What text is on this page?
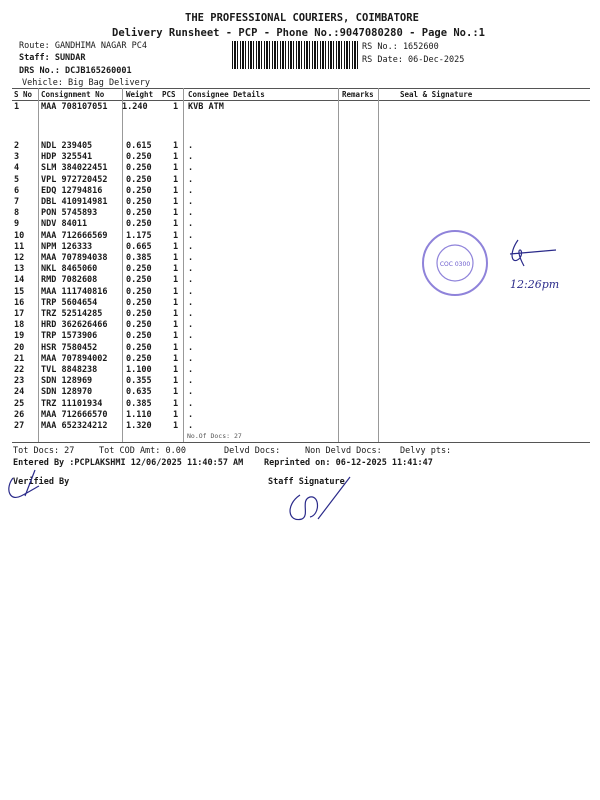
THE PROFESSIONAL COURIERS, COIMBATORE
Delivery Runsheet - PCP - Phone No.:9047080280 - Page No.:1
Route: GANDHIMA NAGAR PC4
Staff: SUNDAR
DRS No.: DCJB165260001
Vehicle: Big Bag Delivery
RS No.: 1652600
RS Date: 06-Dec-2025
S No Consignment No	Weight PCS Consignee Details	Remarks	Seal & Signature
1	MAA 708107051 1.240	1 KVB ATM
2	NDL 239405	0.615	1 .
3	HDP 325541	0.250	1 .
4	SLM 384022451 0.250	1 .
5	VPL 972720452 0.250	1 .
6	EDQ 12794816	0.250	1 .
7	DBL 410914981 0.250	1 .
8	PON 5745893	0.250	1 .
9	NDV 84011	0.250	1 .
10 MAA 712666569 1.175	1 .
11 NPM 126333	0.665	1 .
12 MAA 707894038 0.385	1 .
13 NKL 8465060	0.250	1 .
14 RMD 7082608	0.250	1 .
15 MAA 111740816 0.250	1 .
16 TRP 5604654	0.250	1 .
17 TRZ 52514285	0.250	1 .
18 HRD 362626466 0.250	1 .
19 TRP 1573906	0.250	1 .
20 HSR 7580452	0.250	1 .
21 MAA 707894002 0.250	1 .
22 TVL 8848238	1.100	1 .
23 SDN 128969	0.355	1 .
24 SDN 128970	0.635	1 .
25 TRZ 11101934	0.385	1 .
26 MAA 712666570 1.110	1 .
27 MAA 652324212 1.320	1 .
No.Of Docs: 27
Tot Docs: 27	Tot COD Amt: 0.00	Delvd Docs:	Non Delvd Docs: Delvy pts:
Entered By :PCPLAKSHMI 12/06/2025 11:40:57 AM Reprinted on: 06-12-2025 11:41:47
Verified By	Staff Signature
COC 0300
12:26pm
